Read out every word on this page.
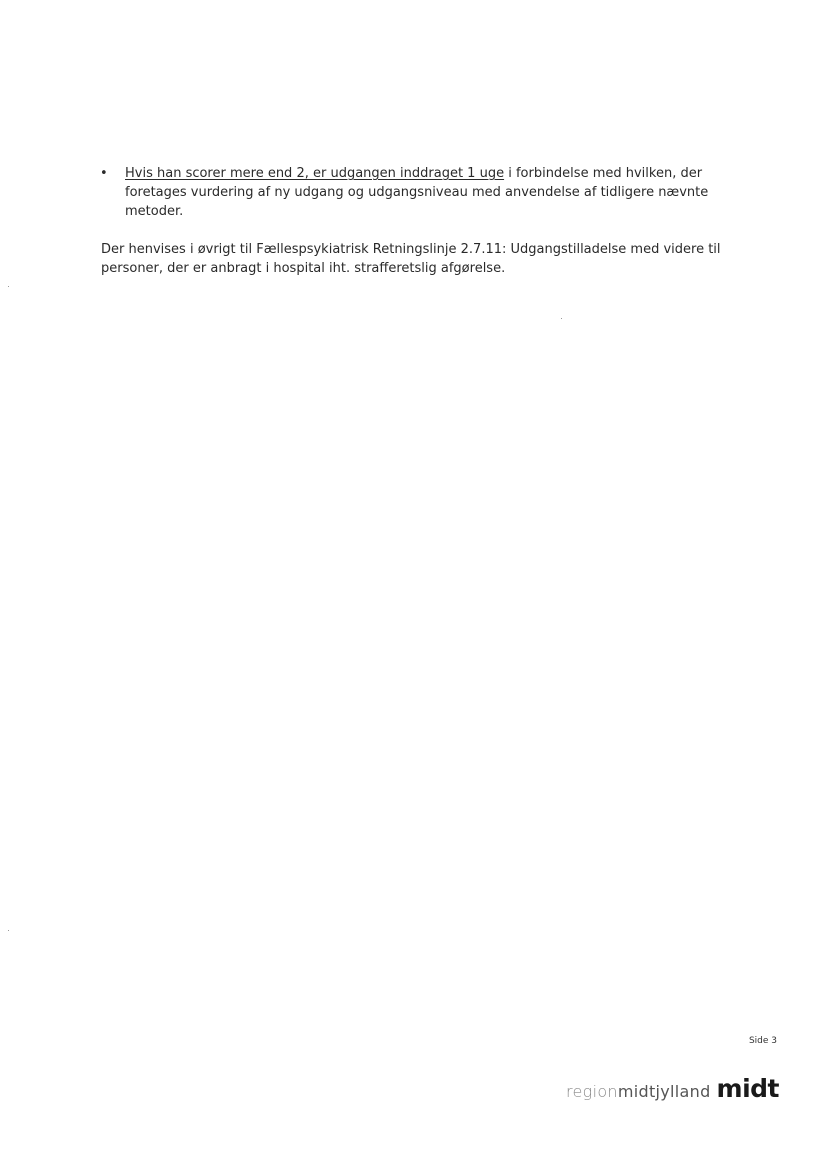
•	Hvis han scorer mere end 2, er udgangen inddraget 1 uge i forbindelse med hvilken, der foretages vurdering af ny udgang og udgangsniveau med anvendelse af tidligere nævnte metoder.
Der henvises i øvrigt til Fællespsykiatrisk Retningslinje 2.7.11: Udgangstilladelse med videre til
personer, der er anbragt i hospital iht. strafferetslig afgørelse.
Side 3
region midtjylland midt
